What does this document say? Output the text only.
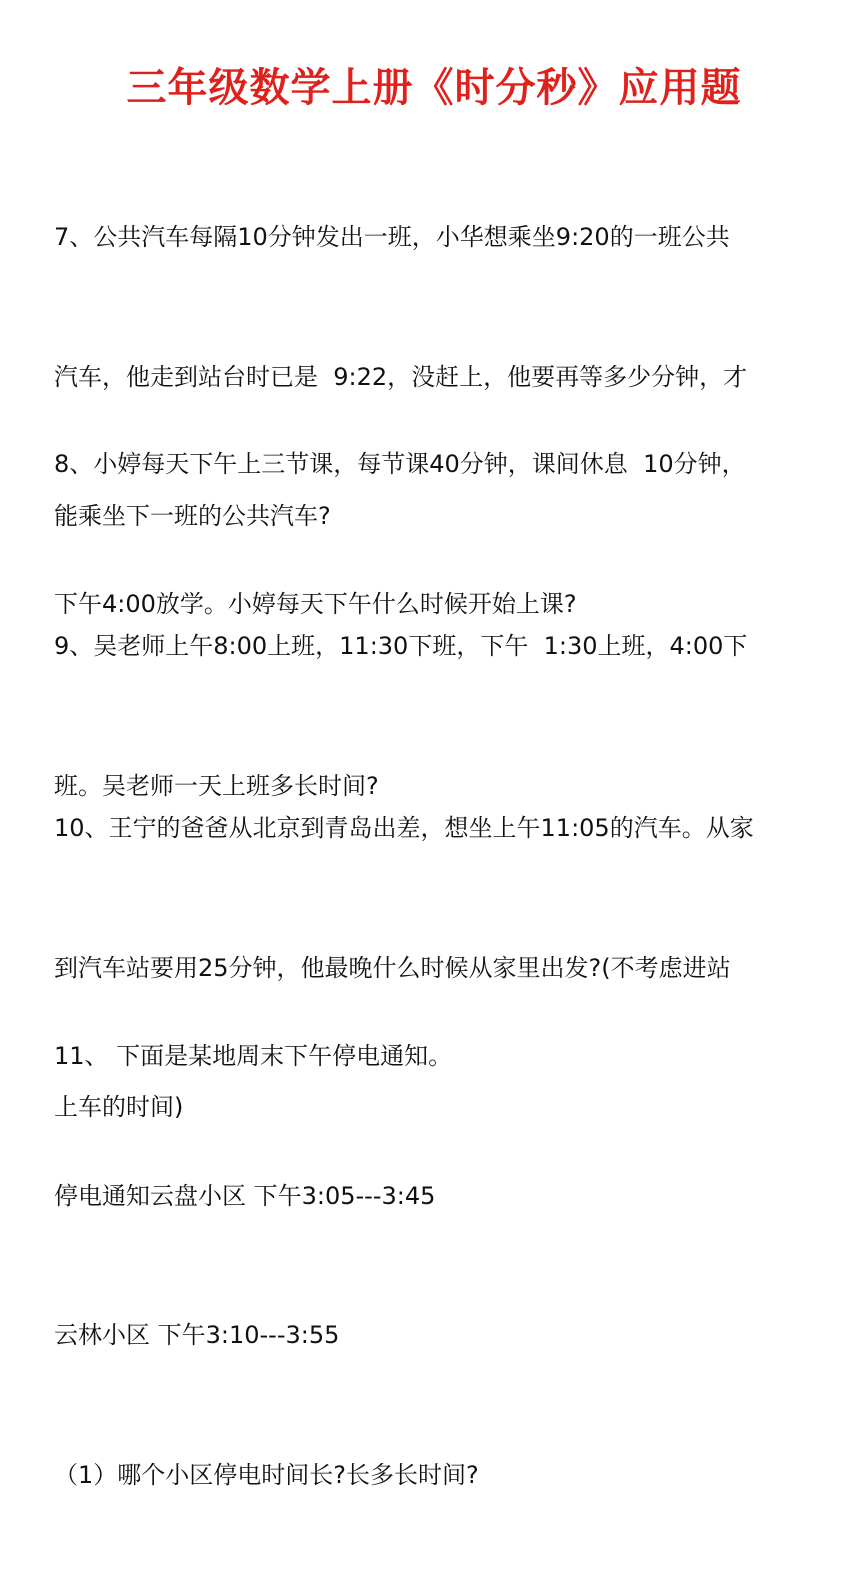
三年级数学上册《时分秒》应用题

7、公共汽车每隔10分钟发出一班，小华想乘坐9:20的一班公共

汽车，他走到站台时已是  9:22，没赶上，他要再等多少分钟，才

能乘坐下一班的公共汽车?

8、小婷每天下午上三节课，每节课40分钟，课间休息  10分钟，

下午4:00放学。小婷每天下午什么时候开始上课?

9、吴老师上午8:00上班，11:30下班，下午  1:30上班，4:00下

班。吴老师一天上班多长时间?

10、王宁的爸爸从北京到青岛出差，想坐上午11:05的汽车。从家

到汽车站要用25分钟，他最晚什么时候从家里出发?(不考虑进站

上车的时间)

11、 下面是某地周末下午停电通知。

停电通知云盘小区 下午3:05---3:45

云林小区 下午3:10---3:55

（1）哪个小区停电时间长?长多长时间?
